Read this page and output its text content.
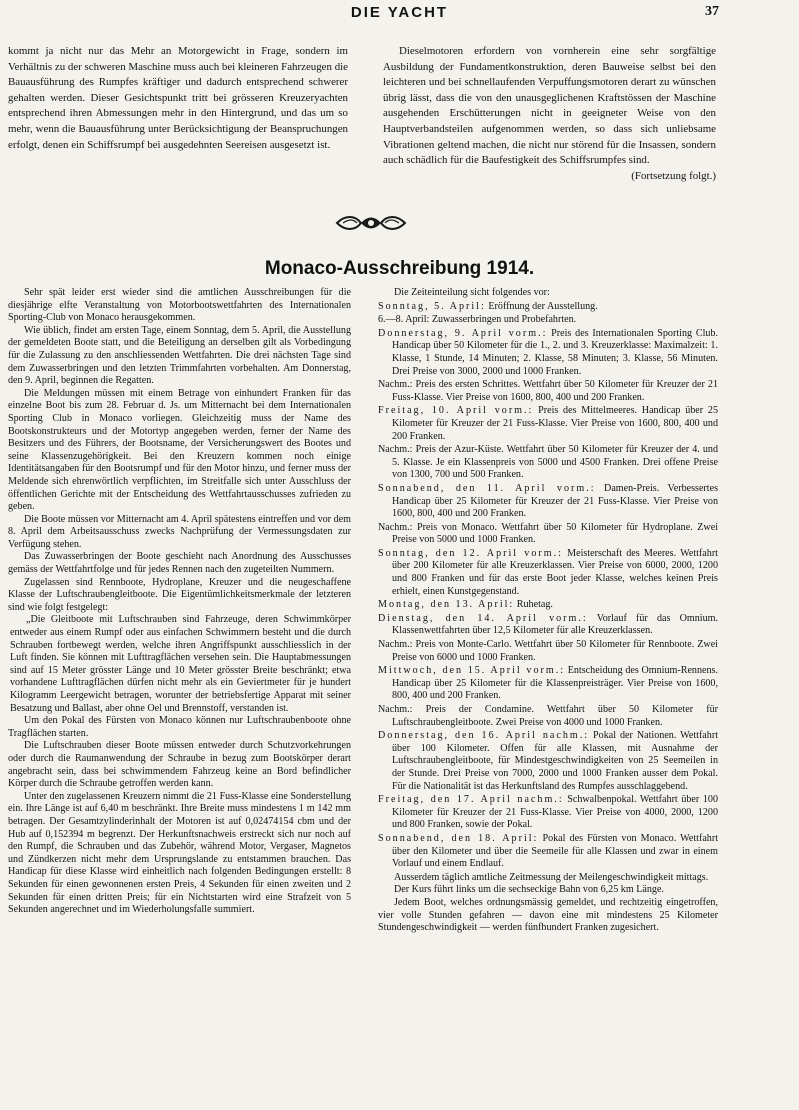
DIE YACHT	37

kommt ja nicht nur das Mehr an Motorgewicht in Frage, sondern im Verhältnis zu der schweren Maschine muss auch bei kleineren Fahrzeugen die Bauausführung des Rumpfes kräftiger und dadurch entsprechend schwerer gehalten werden. Dieser Gesichtspunkt tritt bei grösseren Kreuzeryachten entsprechend ihren Abmessungen mehr in den Hintergrund, und das um so mehr, wenn die Bauausführung unter Berücksichtigung der Beanspruchungen erfolgt, denen ein Schiffsrumpf bei ausgedehnten Seereisen ausgesetzt ist.

Dieselmotoren erfordern von vornherein eine sehr sorgfältige Ausbildung der Fundamentkonstruktion, deren Bauweise selbst bei den leichteren und bei schnellaufenden Verpuffungsmotoren derart zu wünschen übrig lässt, dass die von den unausgeglichenen Kraftstössen der Maschine ausgehenden Erschütterungen nicht in geeigneter Weise von den Hauptverbandsteilen aufgenommen werden, so dass sich unliebsame Vibrationen geltend machen, die nicht nur störend für die Insassen, sondern auch schädlich für die Baufestigkeit des Schiffsrumpfes sind.

(Fortsetzung folgt.)

Monaco-Ausschreibung 1914.

Sehr spät leider erst wieder sind die amtlichen Ausschreibungen für die diesjährige elfte Veranstaltung von Motorbootswettfahrten des Internationalen Sporting-Club von Monaco herausgekommen.

Wie üblich, findet am ersten Tage, einem Sonntag, dem 5. April, die Ausstellung der gemeldeten Boote statt, und die Beteiligung an derselben gilt als Vorbedingung für die Zulassung zu den anschliessenden Wettfahrten. Die drei nächsten Tage sind dem Zuwasserbringen und den letzten Trimmfahrten vorbehalten. Am Donnerstag, den 9. April, beginnen die Regatten.

Die Meldungen müssen mit einem Betrage von einhundert Franken für das einzelne Boot bis zum 28. Februar d. Js. um Mitternacht bei dem Internationalen Sporting Club in Monaco vorliegen. Gleichzeitig muss der Name des Bootskonstrukteurs und der Motortyp angegeben werden, ferner der Name des Besitzers und des Führers, der Bootsname, der Versicherungswert des Bootes und seine Klassenzugehörigkeit. Bei den Kreuzern kommen noch einige Identitätsangaben für den Bootsrumpf und für den Motor hinzu, und ferner muss der Meldende sich ehrenwörtlich verpflichten, im Streitfalle sich unter Ausschluss der öffentlichen Gerichte mit der Entscheidung des Wettfahrtausschusses zufrieden zu geben.

Die Boote müssen vor Mitternacht am 4. April spätestens eintreffen und vor dem 8. April dem Arbeitsausschuss zwecks Nachprüfung der Vermessungsdaten zur Verfügung stehen.

Das Zuwasserbringen der Boote geschieht nach Anordnung des Ausschusses gemäss der Wettfahrtfolge und für jedes Rennen nach den zugeteilten Nummern.

Zugelassen sind Rennboote, Hydroplane, Kreuzer und die neugeschaffene Klasse der Luftschraubengleitboote. Die Eigentümlichkeitsmerkmale der letzteren sind wie folgt festgelegt:

„Die Gleitboote mit Luftschrauben sind Fahrzeuge, deren Schwimmkörper entweder aus einem Rumpf oder aus einfachen Schwimmern besteht und die durch Schrauben fortbewegt werden, welche ihren Angriffspunkt ausschliesslich in der Luft finden. Sie können mit Lufttragflächen versehen sein. Die Hauptabmessungen sind auf 15 Meter grösster Länge und 10 Meter grösster Breite beschränkt; etwa vorhandene Lufttragflächen dürfen nicht mehr als ein Geviertmeter für je hundert Kilogramm Leergewicht betragen, worunter der betriebsfertige Apparat mit seiner Besatzung und Ballast, aber ohne Oel und Brennstoff, verstanden ist.

Um den Pokal des Fürsten von Monaco können nur Luftschraubenboote ohne Tragflächen starten.

Die Luftschrauben dieser Boote müssen entweder durch Schutzvorkehrungen oder durch die Raumanwendung der Schraube in bezug zum Bootskörper derart angebracht sein, dass bei schwimmendem Fahrzeug keine an Bord befindlicher Körper durch die Schraube getroffen werden kann.

Unter den zugelassenen Kreuzern nimmt die 21 Fuss-Klasse eine Sonderstellung ein. Ihre Länge ist auf 6,40 m beschränkt. Ihre Breite muss mindestens 1 m 142 mm betragen. Der Gesamtzylinderinhalt der Motoren ist auf 0,02474154 cbm und der Hub auf 0,152394 m begrenzt. Der Herkunftsnachweis erstreckt sich nur noch auf den Rumpf, die Schrauben und das Zubehör, während Motor, Vergaser, Magnetos und Zündkerzen nicht mehr dem Ursprungslande zu entstammen brauchen. Das Handicap für diese Klasse wird einheitlich nach folgenden Bedingungen erstellt: 8 Sekunden für einen gewonnenen ersten Preis, 4 Sekunden für einen zweiten und 2 Sekunden für einen dritten Preis; für ein Nichtstarten wird eine Strafzeit von 5 Sekunden angerechnet und im Wiederholungsfalle summiert.

Die Zeiteinteilung sicht folgendes vor:

Sonntag, 5. April: Eröffnung der Ausstellung.

6.—8. April: Zuwasserbringen und Probefahrten.

Donnerstag, 9. April vorm.: Preis des Internationalen Sporting Club. Handicap über 50 Kilometer für die 1., 2. und 3. Kreuzerklasse: Maximalzeit: 1. Klasse, 1 Stunde, 14 Minuten; 2. Klasse, 58 Minuten; 3. Klasse, 56 Minuten. Drei Preise von 3000, 2000 und 1000 Franken.

Nachm.: Preis des ersten Schrittes. Wettfahrt über 50 Kilometer für Kreuzer der 21 Fuss-Klasse. Vier Preise von 1600, 800, 400 und 200 Franken.

Freitag, 10. April vorm.: Preis des Mittelmeeres. Handicap über 25 Kilometer für Kreuzer der 21 Fuss-Klasse. Vier Preise von 1600, 800, 400 und 200 Franken.

Nachm.: Preis der Azur-Küste. Wettfahrt über 50 Kilometer für Kreuzer der 4. und 5. Klasse. Je ein Klassenpreis von 5000 und 4500 Franken. Drei offene Preise von 1300, 700 und 500 Franken.

Sonnabend, den 11. April vorm.: Damen-Preis. Verbessertes Handicap über 25 Kilometer für Kreuzer der 21 Fuss-Klasse. Vier Preise von 1600, 800, 400 und 200 Franken.

Nachm.: Preis von Monaco. Wettfahrt über 50 Kilometer für Hydroplane. Zwei Preise von 5000 und 1000 Franken.

Sonntag, den 12. April vorm.: Meisterschaft des Meeres. Wettfahrt über 200 Kilometer für alle Kreuzerklassen. Vier Preise von 6000, 2000, 1200 und 800 Franken und für das erste Boot jeder Klasse, welches keinen Preis erhielt, einen Kunstgegenstand.

Montag, den 13. April: Ruhetag.

Dienstag, den 14. April vorm.: Vorlauf für das Omnium. Klassenwettfahrten über 12,5 Kilometer für alle Kreuzerklassen.

Nachm.: Preis von Monte-Carlo. Wettfahrt über 50 Kilometer für Rennboote. Zwei Preise von 6000 und 1000 Franken.

Mittwoch, den 15. April vorm.: Entscheidung des Omnium-Rennens. Handicap über 25 Kilometer für die Klassenpreisträger. Vier Preise von 1600, 800, 400 und 200 Franken.

Nachm.: Preis der Condamine. Wettfahrt über 50 Kilometer für Luftschraubengleitboote. Zwei Preise von 4000 und 1000 Franken.

Donnerstag, den 16. April nachm.: Pokal der Nationen. Wettfahrt über 100 Kilometer. Offen für alle Klassen, mit Ausnahme der Luftschraubengleitboote, für Mindestgeschwindigkeiten von 25 Seemeilen in der Stunde. Drei Preise von 7000, 2000 und 1000 Franken ausser dem Pokal. Für die Nationalität ist das Herkunftsland des Rumpfes ausschlaggebend.

Freitag, den 17. April nachm.: Schwalbenpokal. Wettfahrt über 100 Kilometer für Kreuzer der 21 Fuss-Klasse. Vier Preise von 4000, 2000, 1200 und 800 Franken, sowie der Pokal.

Sonnabend, den 18. April: Pokal des Fürsten von Monaco. Wettfahrt über den Kilometer und über die Seemeile für alle Klassen und zwar in einem Vorlauf und einem Endlauf.

Ausserdem täglich amtliche Zeitmessung der Meilengeschwindigkeit mittags.

Der Kurs führt links um die sechseckige Bahn von 6,25 km Länge.

Jedem Boot, welches ordnungsmässig gemeldet, und rechtzeitig eingetroffen, vier volle Stunden gefahren — davon eine mit mindestens 25 Kilometer Stundengeschwindigkeit — werden fünfhundert Franken zugesichert.
